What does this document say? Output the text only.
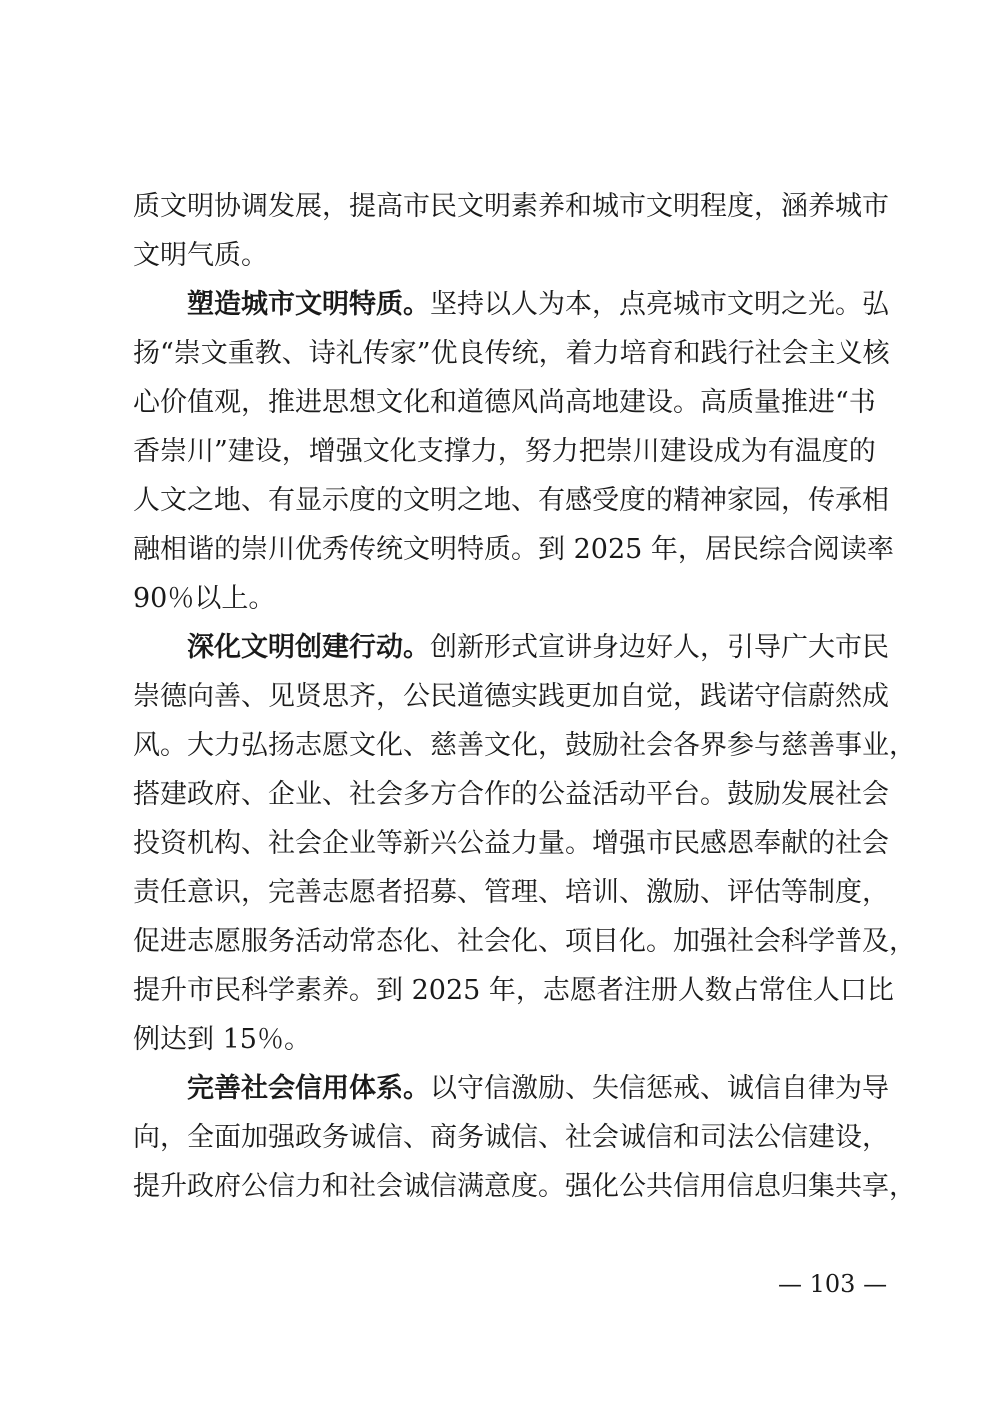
质文明协调发展，提高市民文明素养和城市文明程度，涵养城市
文明气质。
塑造城市文明特质。坚持以人为本，点亮城市文明之光。弘
扬“崇文重教、诗礼传家”优良传统，着力培育和践行社会主义核
心价值观，推进思想文化和道德风尚高地建设。高质量推进“书
香崇川”建设，增强文化支撑力，努力把崇川建设成为有温度的
人文之地、有显示度的文明之地、有感受度的精神家园，传承相
融相谐的崇川优秀传统文明特质。到 2025 年，居民综合阅读率
90％以上。
深化文明创建行动。创新形式宣讲身边好人，引导广大市民
崇德向善、见贤思齐，公民道德实践更加自觉，践诺守信蔚然成
风。大力弘扬志愿文化、慈善文化，鼓励社会各界参与慈善事业，
搭建政府、企业、社会多方合作的公益活动平台。鼓励发展社会
投资机构、社会企业等新兴公益力量。增强市民感恩奉献的社会
责任意识，完善志愿者招募、管理、培训、激励、评估等制度，
促进志愿服务活动常态化、社会化、项目化。加强社会科学普及，
提升市民科学素养。到 2025 年，志愿者注册人数占常住人口比
例达到 15％。
完善社会信用体系。以守信激励、失信惩戒、诚信自律为导
向，全面加强政务诚信、商务诚信、社会诚信和司法公信建设，
提升政府公信力和社会诚信满意度。强化公共信用信息归集共享，
— 103 —
